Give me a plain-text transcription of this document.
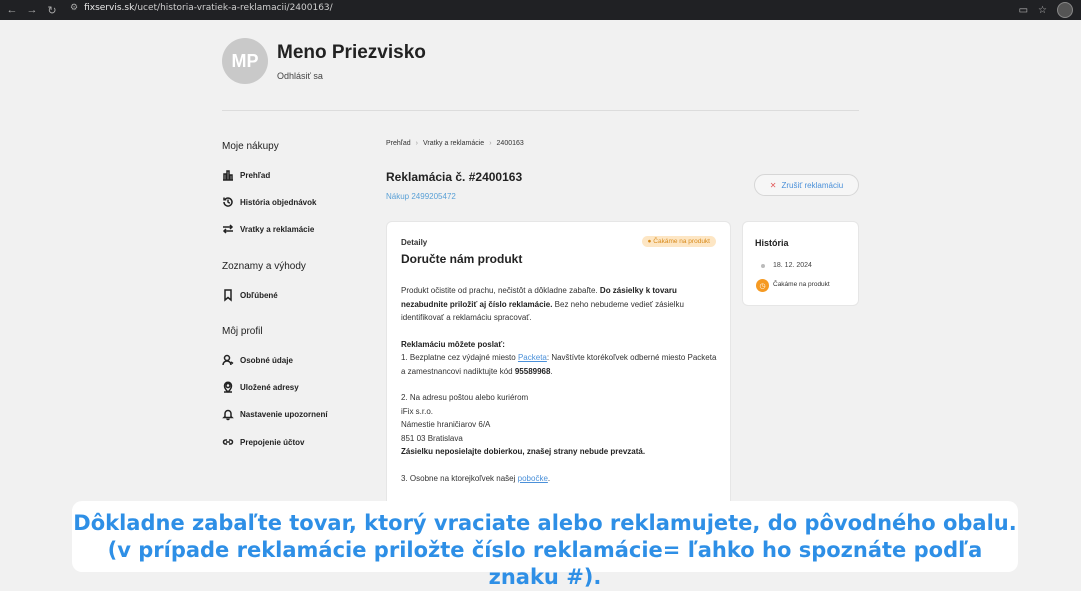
← → ↻	⚙ fixservis.sk /ucet/historia-vratiek-a-reklamacii/2400163/	▭ ☆
MP Meno Priezvisko
Odhlásiť sa
Moje nákupy
Prehľad
História objednávok
Vratky a reklamácie
Zoznamy a výhody
Obľúbené
Môj profil
Osobné údaje
Uložené adresy
Nastavenie upozornení
Prepojenie účtov
Prehľad › Vratky a reklamácie › 2400163
Reklamácia č. #2400163
Nákup 2499205472
✕ Zrušiť reklamáciu
Detaily	● Čakáme na produkt
Doručte nám produkt

Produkt očistite od prachu, nečistôt a dôkladne zabaľte. Do zásielky k tovaru nezabudnite priložiť aj číslo reklamácie. Bez neho nebudeme vedieť zásielku identifikovať a reklamáciu spracovať.

Reklamáciu môžete poslať:
1. Bezplatne cez výdajné miesto Packeta: Navštívte ktorékoľvek odberné miesto Packeta a zamestnancovi nadiktujte kód 95589968.

2. Na adresu poštou alebo kuriérom
iFix s.r.o.
Námestie hraničiarov 6/A
851 03 Bratislava
Zásielku neposielajte dobierkou, znašej strany nebude prevzatá.

3. Osobne na ktorejkoľvek našej pobočke.

História
18. 12. 2024
◷	Čakáme na produkt
Dôkladne zabaľte tovar, ktorý vraciate alebo reklamujete, do pôvodného obalu.
(v prípade reklamácie priložte číslo reklamácie= ľahko ho spoznáte podľa znaku #).
